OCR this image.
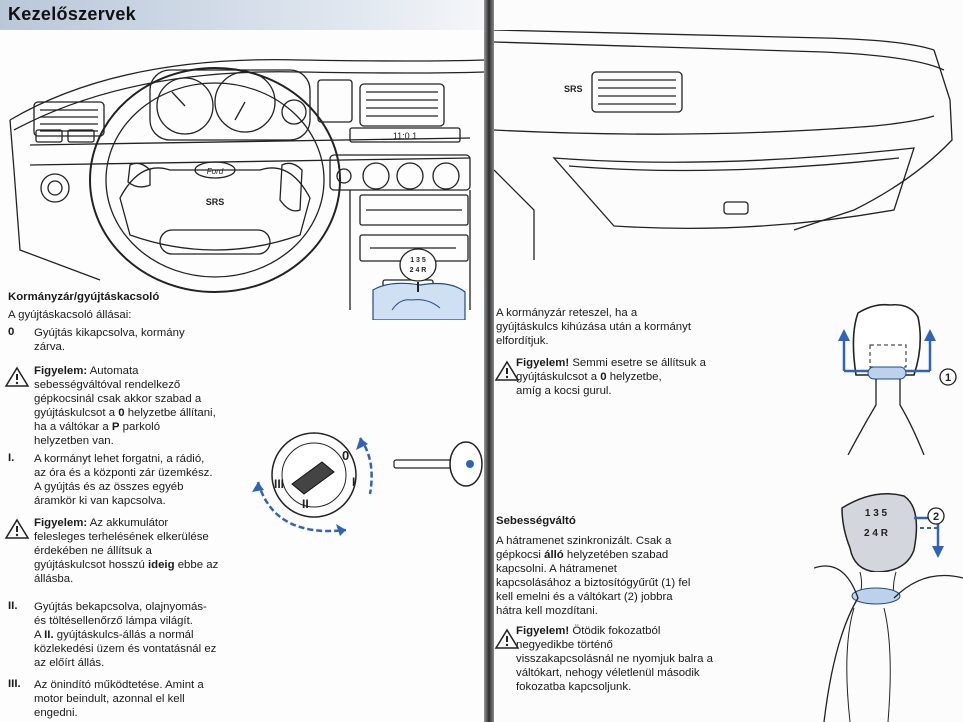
Kezelőszervek
Ford
SRS
11:0 1
1 3 5
2 4 R
Kormányzár/gyújtáskacsoló
A gyújtáskacsoló állásai:
0 Gyújtás kikapcsolva, kormány
zárva.
Figyelem: Automata
sebességváltóval rendelkező
gépkocsinál csak akkor szabad a
gyújtáskulcsot a 0 helyzetbe állítani,
ha a váltókar a P parkoló
helyzetben van.
I. A kormányt lehet forgatni, a rádió,
az óra és a központi zár üzemkész.
A gyújtás és az összes egyéb
áramkör ki van kapcsolva.
Figyelem: Az akkumulátor
felesleges terhelésének elkerülése
érdekében ne állítsuk a
gyújtáskulcsot hosszú ideig ebbe az
állásba.
II. Gyújtás bekapcsolva, olajnyomás-
és töltésellenőrző lámpa világít.
A II. gyújtáskulcs-állás a normál
közlekedési üzem és vontatásnál ez
az előírt állás.
III. Az önindító működtetése. Amint a
motor beindult, azonnal el kell
engedni.
0
I
II
III
SRS
A kormányzár reteszel, ha a
gyújtáskulcs kihúzása után a kormányt
elfordítjuk.
Figyelem! Semmi esetre se állítsuk a
gyújtáskulcsot a 0 helyzetbe,
amíg a kocsi gurul.
Sebességváltó
A hátramenet szinkronizált. Csak a
gépkocsi álló helyzetében szabad
kapcsolni. A hátramenet
kapcsolásához a biztosítógyűrűt (1) fel
kell emelni és a váltókart (2) jobbra
hátra kell mozdítani.
Figyelem! Ötödik fokozatból
negyedikbe történő
visszakapcsolásnál ne nyomjuk balra a
váltókart, nehogy véletlenül második
fokozatba kapcsoljunk.
1
1 3 5
2 4 R
2
